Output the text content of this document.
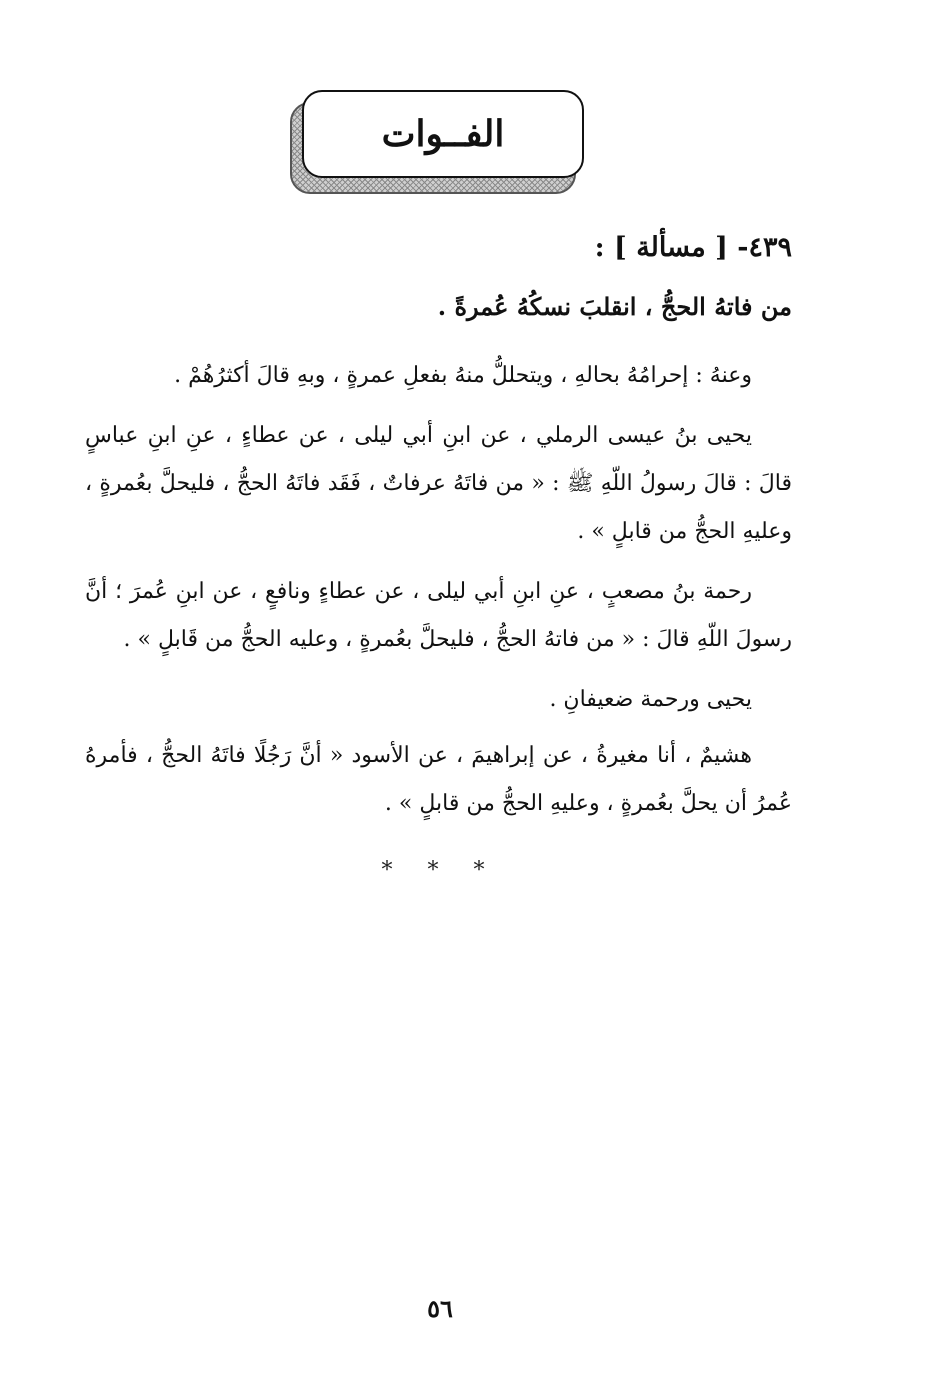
الفــوات
٤٣٩- [ مسألة ] :
من فاتهُ الحجُّ ، انقلبَ نسكُهُ عُمرةً .
وعنهُ : إحرامُهُ بحالهِ ، ويتحللُّ منهُ بفعلِ عمرةٍ ، وبهِ قالَ أكثرُهُمْ .
يحيى بنُ عيسى الرملي ، عن ابنِ أبي ليلى ، عن عطاءٍ ، عنِ ابنِ عباسٍ قالَ : قالَ رسولُ اللّهِ ﷺ : « من فاتَهُ عرفاتٌ ، فَقَد فاتَهُ الحجُّ ، فليحلَّ بعُمرةٍ ، وعليهِ الحجُّ من قابلٍ » .
رحمة بنُ مصعبٍ ، عنِ ابنِ أبي ليلى ، عن عطاءٍ ونافعٍ ، عن ابنِ عُمرَ ؛ أنَّ رسولَ اللّهِ قالَ : « من فاتهُ الحجُّ ، فليحلَّ بعُمرةٍ ، وعليه الحجُّ من قَابلٍ » .
يحيى ورحمة ضعيفانِ .
هشيمٌ ، أنا مغيرةُ ، عن إبراهيمَ ، عن الأسود « أنَّ رَجُلًا فاتَهُ الحجُّ ، فأمرهُ عُمرُ أن يحلَّ بعُمرةٍ ، وعليهِ الحجُّ من قابلٍ » .
* * *
٥٦
